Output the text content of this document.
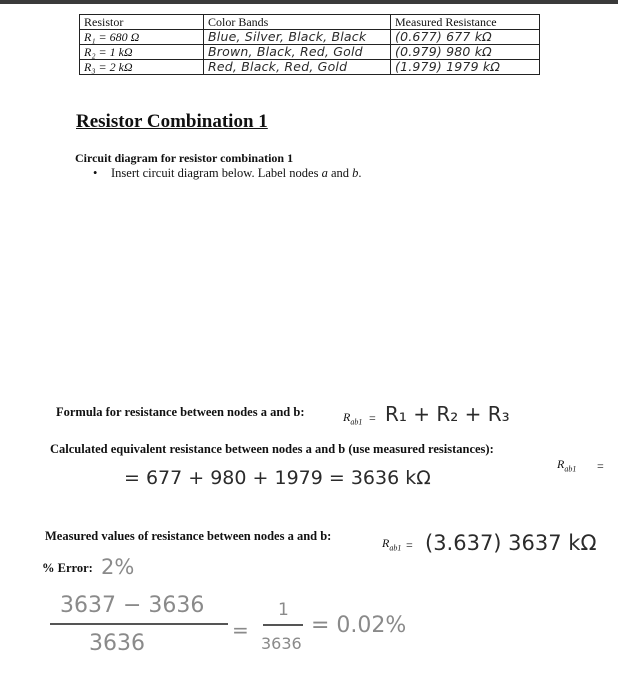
Resistor	Color Bands	Measured Resistance
R₁ = 680 Ω	Blue, Silver, Black, Black	(0.677) 677 kΩ
R₂ = 1 kΩ	Brown, Black, Red, Gold	(0.979) 980 kΩ
R₃ = 2 kΩ	Red, Black, Red, Gold	(1.979) 1979 kΩ
Resistor Combination 1
Circuit diagram for resistor combination 1
• Insert circuit diagram below. Label nodes a and b.
Formula for resistance between nodes a and b:	$R_{ab1} = R_1 + R_2 + R_3$
Calculated equivalent resistance between nodes a and b (use measured resistances):
$R_{ab1}$ =
= 677 + 980 + 1979 = 3636 kΩ
Measured values of resistance between nodes a and b:	$R_{ab1} = (3.637)$ 3637 kΩ
% Error: 2%
3637 − 3636
3636
=
1
3636
= 0.02%
